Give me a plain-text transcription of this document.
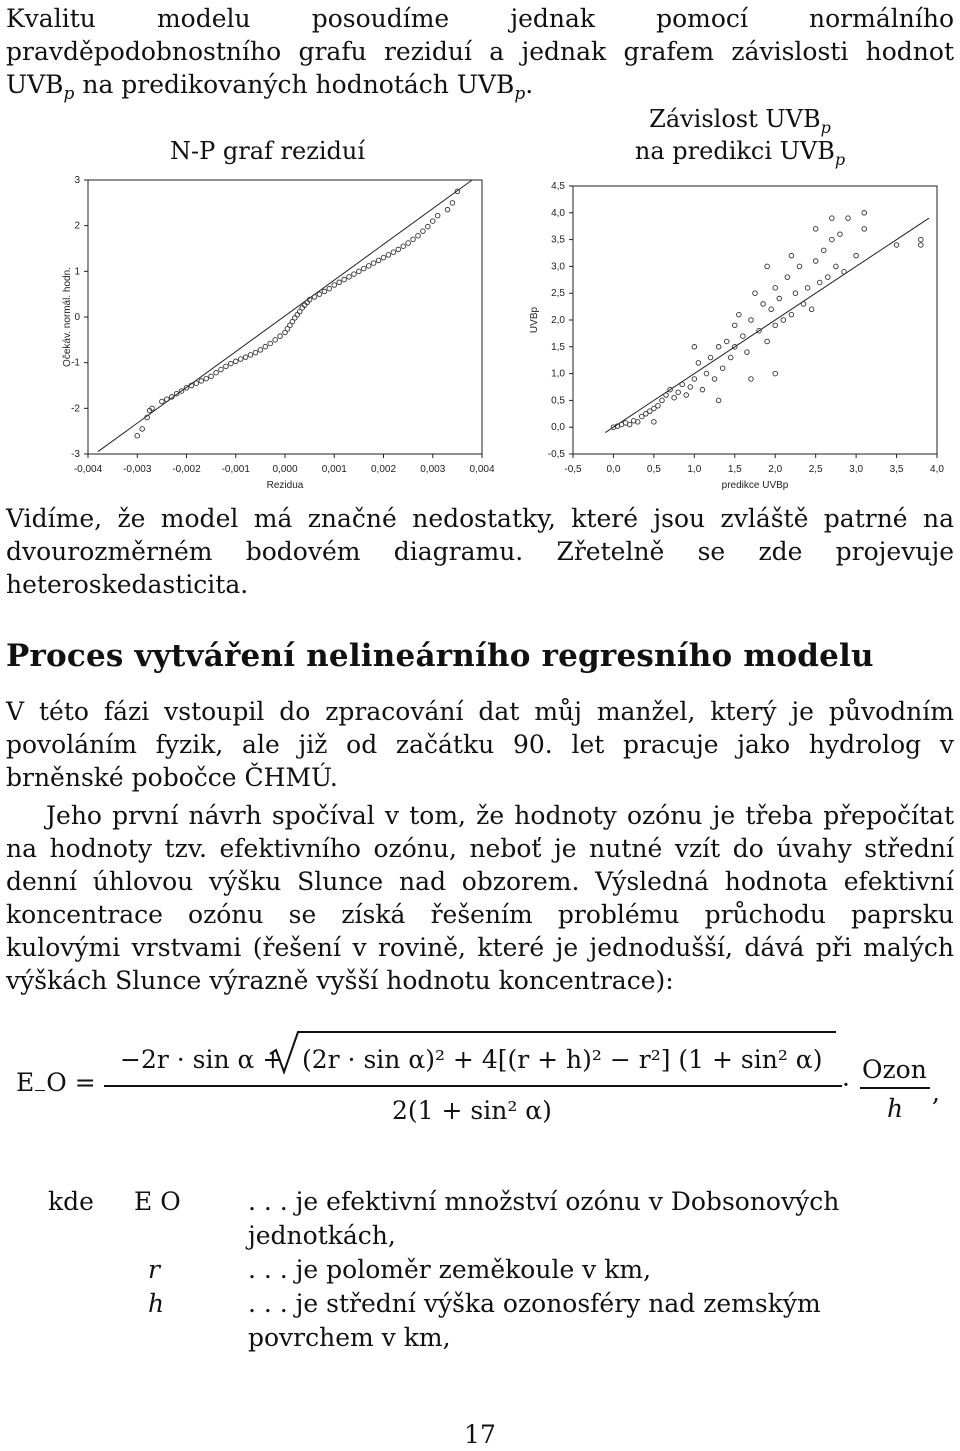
Kvalitu modelu posoudíme jednak pomocí normálního pravděpodobnostního grafu reziduí a jednak grafem závislosti hodnot $UVB_p$ na predikovaných hodnotách $UVB_p$.

N-P graf reziduí
Závislost $UVB_p$
na predikci $UVB_p$
-0,004 -0,003 -0,002 -0,001 0,000 0,001 0,002 0,003 0,004
3
2
1
0
-1
-2
-3
Rezidua
Očekáv. normál. hodn.
-0,5 0,0	0,5	1,0	1,5	2,0	2,5	3,0	3,5	4,0
4,5
4,0
3,5
3,0
2,5
2,0
1,5
1,0
0,5
0,0
-0,5
predikce UVBp
UVBp

Vidíme, že model má značné nedostatky, které jsou zvláště patrné na dvourozměrném bodovém diagramu. Zřetelně se zde projevuje heteroskedasticita.

Proces vytváření nelineárního regresního modelu

V této fázi vstoupil do zpracování dat můj manžel, který je původním povoláním fyzik, ale již od začátku 90. let pracuje jako hydrolog v brněnské pobočce ČHMÚ.

Jeho první návrh spočíval v tom, že hodnoty ozónu je třeba přepočítat na hodnoty tzv. efektivního ozónu, neboť je nutné vzít do úvahy střední denní úhlovou výšku Slunce nad obzorem. Výsledná hodnota efektivní koncentrace ozónu se získá řešením problému průchodu paprsku kulovými vrstvami (řešení v rovině, které je jednodušší, dává při malých výškách Slunce výrazně vyšší hodnotu koncentrace):

E O =
−2r · sin α + (2r · sin α)² + 4[(r + h)² − r²] (1 + sin² α)
2(1 + sin² α)
·
Ozon
h
,
kde E O	. . . je efektivní množství ozónu v Dobsonových jednotkách,
r	. . . je poloměr zeměkoule v km,
h	. . . je střední výška ozonosféry nad zemským povrchem v km,
17
